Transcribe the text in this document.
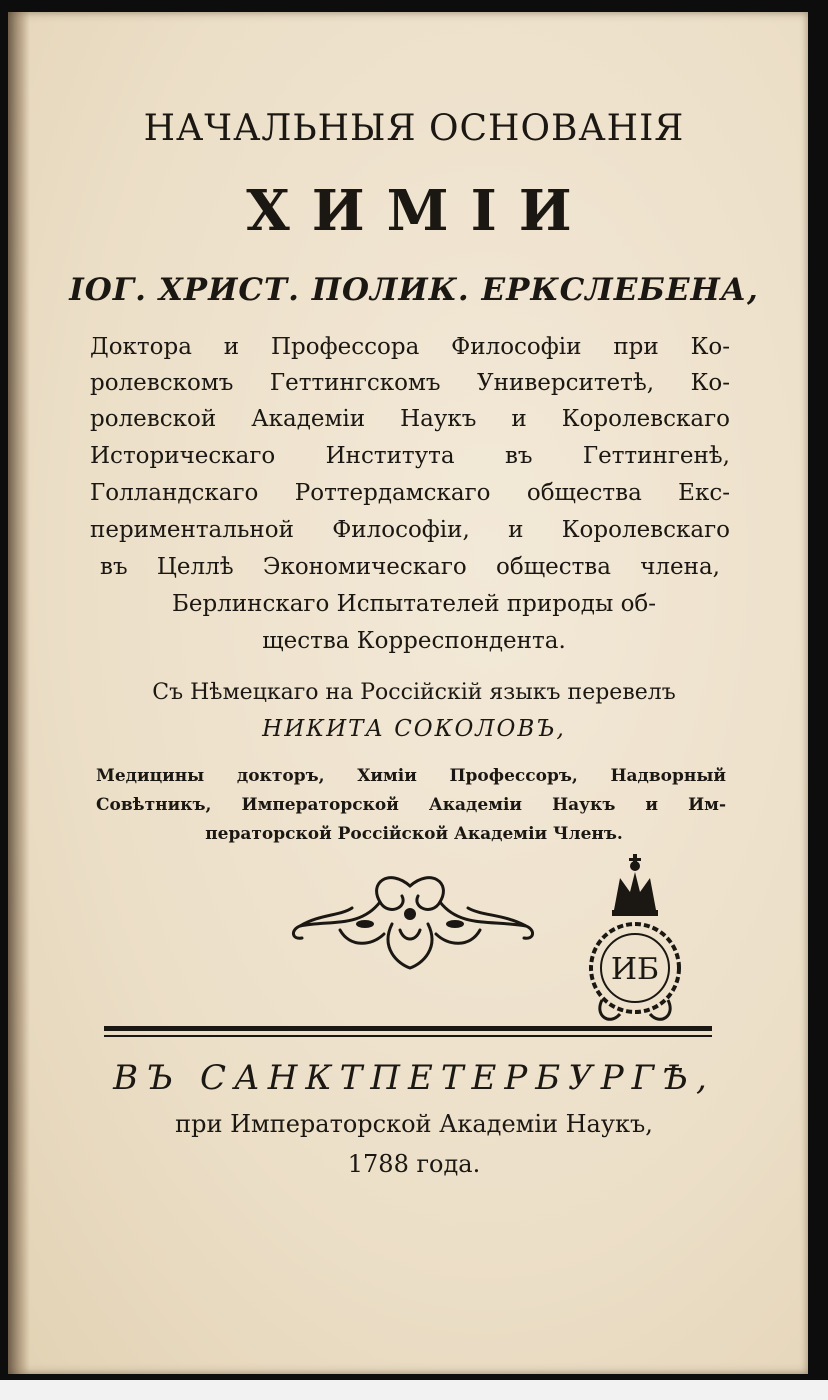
НАЧАЛЬНЫЯ ОСНОВАНІЯ
ХИМІИ
ІОГ. ХРИСТ. ПОЛИК. ЕРКСЛЕБЕНА,
Доктора и Профессора Философіи при Ко-
ролевскомъ Геттингскомъ Университетѣ, Ко-
ролевской Академіи Наукъ и Королевскаго
Историческаго Института въ Геттингенѣ,
Голландскаго Роттердамскаго общества Екс-
периментальной Философіи, и Королевскаго
въ Целлѣ Экономическаго общества члена,
Берлинскаго Испытателей природы об-
щества Корреспондента.
Съ Нѣмецкаго на Россійскій языкъ перевелъ
НИКИТА СОКОЛОВЪ,
Медицины докторъ, Химіи Профессоръ, Надворный
Совѣтникъ, Императорской Академіи Наукъ и Им-
ператорской Россійской Академіи Членъ.
ИБ
ВЪ САНКТПЕТЕРБУРГѢ,
при Императорской Академіи Наукъ,
1788 года.
